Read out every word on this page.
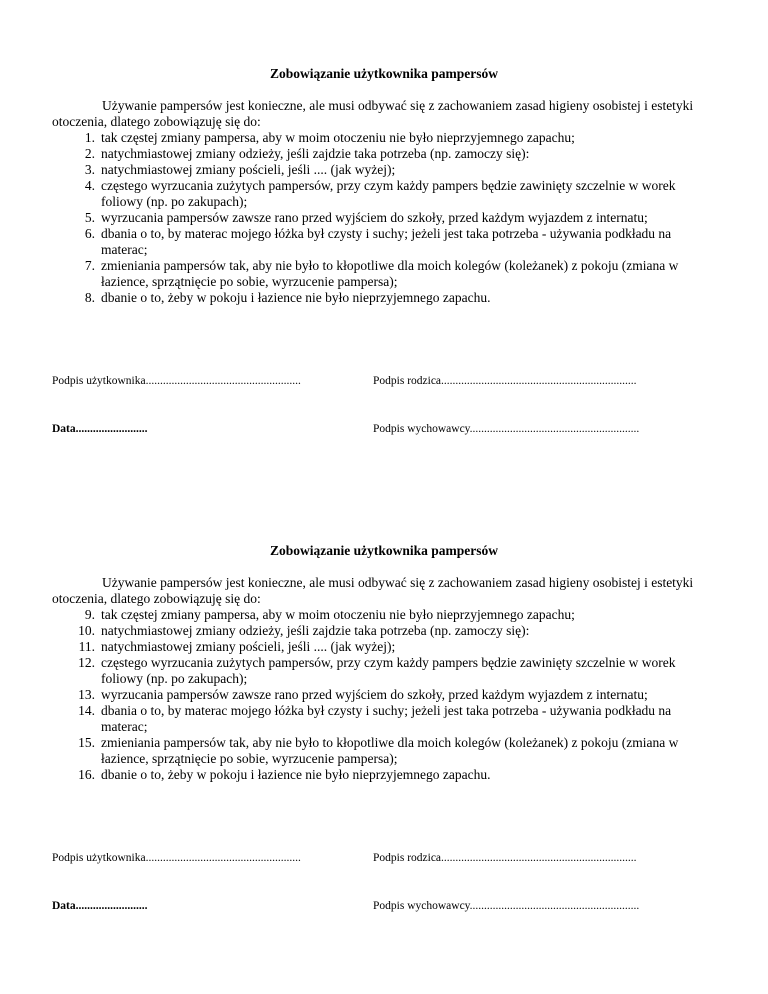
Zobowiązanie użytkownika pampersów

Używanie pampersów jest konieczne, ale musi odbywać się z zachowaniem zasad higieny osobistej i estetyki otoczenia, dlatego zobowiązuję się do:

1. tak częstej zmiany pampersa, aby w moim otoczeniu nie było nieprzyjemnego zapachu;
2. natychmiastowej zmiany odzieży, jeśli zajdzie taka potrzeba (np. zamoczy się):
3. natychmiastowej zmiany pościeli, jeśli .... (jak wyżej);
4. częstego wyrzucania zużytych pampersów, przy czym każdy pampers będzie zawinięty szczelnie w worek foliowy (np. po zakupach);
5. wyrzucania pampersów zawsze rano przed wyjściem do szkoły, przed każdym wyjazdem z internatu;
6. dbania o to, by materac mojego łóżka był czysty i suchy; jeżeli jest taka potrzeba - używania podkładu na materac;
7. zmieniania pampersów tak, aby nie było to kłopotliwe dla moich kolegów (koleżanek) z pokoju (zmiana w łazience, sprzątnięcie po sobie, wyrzucenie pampersa);
8. dbanie o to, żeby w pokoju i łazience nie było nieprzyjemnego zapachu.
Podpis użytkownika......................................................	Podpis rodzica....................................................................
Data.........................	Podpis wychowawcy...........................................................
Zobowiązanie użytkownika pampersów

Używanie pampersów jest konieczne, ale musi odbywać się z zachowaniem zasad higieny osobistej i estetyki otoczenia, dlatego zobowiązuję się do:

9. tak częstej zmiany pampersa, aby w moim otoczeniu nie było nieprzyjemnego zapachu;
10. natychmiastowej zmiany odzieży, jeśli zajdzie taka potrzeba (np. zamoczy się):
11. natychmiastowej zmiany pościeli, jeśli .... (jak wyżej);
12. częstego wyrzucania zużytych pampersów, przy czym każdy pampers będzie zawinięty szczelnie w worek foliowy (np. po zakupach);
13. wyrzucania pampersów zawsze rano przed wyjściem do szkoły, przed każdym wyjazdem z internatu;
14. dbania o to, by materac mojego łóżka był czysty i suchy; jeżeli jest taka potrzeba - używania podkładu na materac;
15. zmieniania pampersów tak, aby nie było to kłopotliwe dla moich kolegów (koleżanek) z pokoju (zmiana w łazience, sprzątnięcie po sobie, wyrzucenie pampersa);
16. dbanie o to, żeby w pokoju i łazience nie było nieprzyjemnego zapachu.
Podpis użytkownika......................................................	Podpis rodzica....................................................................
Data.........................	Podpis wychowawcy...........................................................
